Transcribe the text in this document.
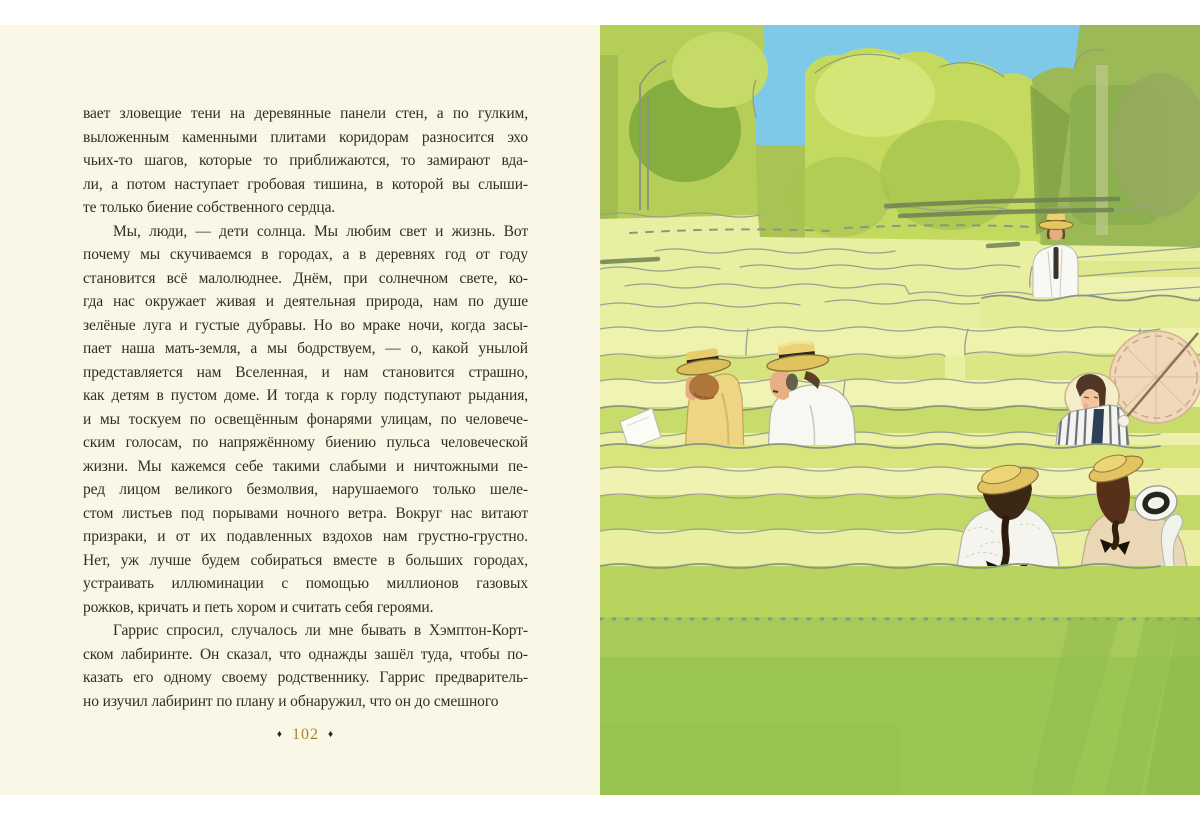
вает зловещие тени на деревянные панели стен, а по гулким,
выложенным каменными плитами коридорам разносится эхо
чьих-то шагов, которые то приближаются, то замирают вда-
ли, а потом наступает гробовая тишина, в которой вы слыши-
те только биение собственного сердца.
Мы, люди, — дети солнца. Мы любим свет и жизнь. Вот
почему мы скучиваемся в городах, а в деревнях год от году
становится всё малолюднее. Днём, при солнечном свете, ко-
гда нас окружает живая и деятельная природа, нам по душе
зелёные луга и густые дубравы. Но во мраке ночи, когда засы-
пает наша мать-земля, а мы бодрствуем, — о, какой унылой
представляется нам Вселенная, и нам становится страшно,
как детям в пустом доме. И тогда к горлу подступают рыдания,
и мы тоскуем по освещённым фонарями улицам, по человече-
ским голосам, по напряжённому биению пульса человеческой
жизни. Мы кажемся себе такими слабыми и ничтожными пе-
ред лицом великого безмолвия, нарушаемого только шеле-
стом листьев под порывами ночного ветра. Вокруг нас витают
призраки, и от их подавленных вздохов нам грустно-грустно.
Нет, уж лучше будем собираться вместе в больших городах,
устраивать иллюминации с помощью миллионов газовых
рожков, кричать и петь хором и считать себя героями.
Гаррис спросил, случалось ли мне бывать в Хэмптон-Корт-
ском лабиринте. Он сказал, что однажды зашёл туда, чтобы по-
казать его одному своему родственнику. Гаррис предваритель-
но изучил лабиринт по плану и обнаружил, что он до смешного
♦ 102 ♦
